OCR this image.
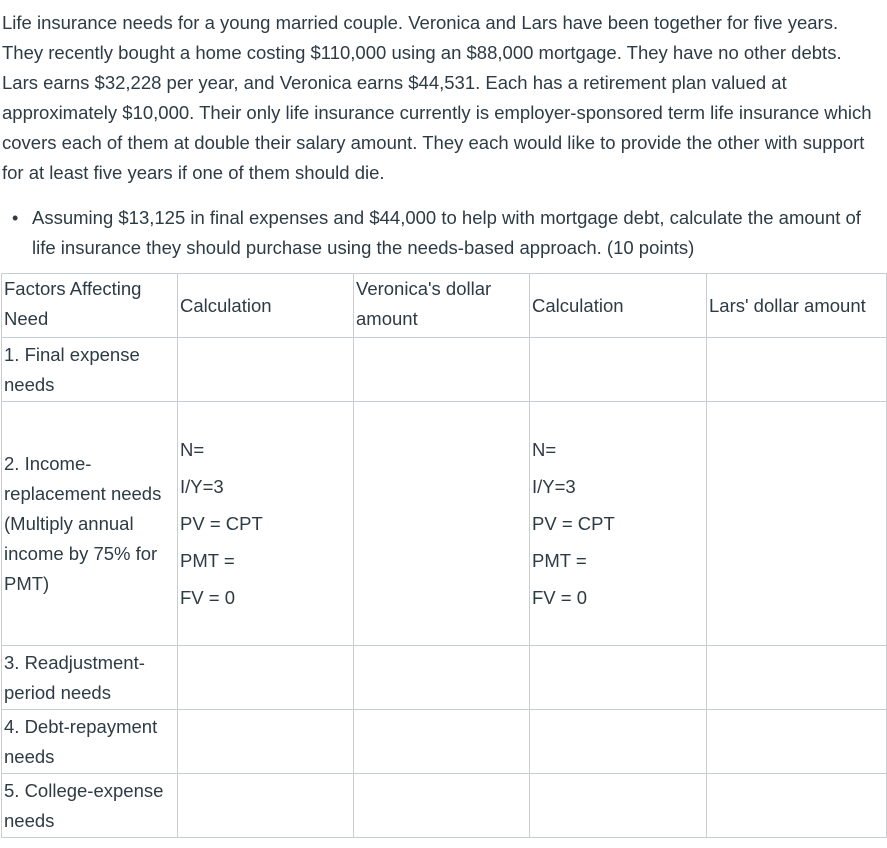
Life insurance needs for a young married couple. Veronica and Lars have been together for five years. They recently bought a home costing $110,000 using an $88,000 mortgage. They have no other debts. Lars earns $32,228 per year, and Veronica earns $44,531. Each has a retirement plan valued at approximately $10,000. Their only life insurance currently is employer-sponsored term life insurance which covers each of them at double their salary amount. They each would like to provide the other with support for at least five years if one of them should die.

• Assuming $13,125 in final expenses and $44,000 to help with mortgage debt, calculate the amount of life insurance they should purchase using the needs-based approach. (10 points)

Factors Affecting Need	Calculation	Veronica's dollar amount	Calculation	Lars' dollar amount
1. Final expense needs				
2. Income-replacement needs (Multiply annual income by 75% for PMT)	N=
I/Y=3
PV = CPT
PMT =
FV = 0		N=
I/Y=3
PV = CPT
PMT =
FV = 0	

3. Readjustment-period needs				
4. Debt-repayment needs				
5. College-expense needs				
